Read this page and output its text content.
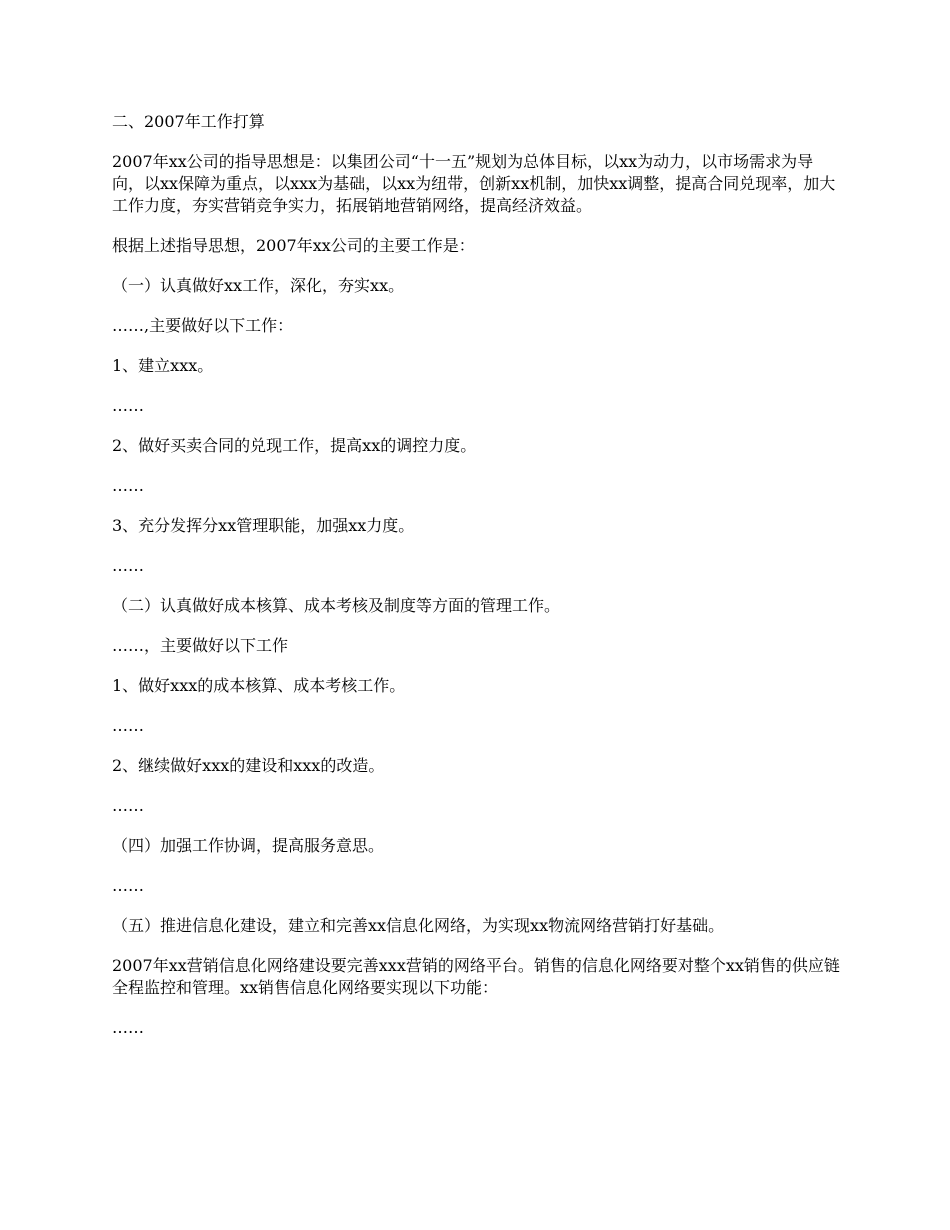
二、2007年工作打算

2007年xx公司的指导思想是：以集团公司“十一五”规划为总体目标，以xx为动力，以市场需求为导向，以xx保障为重点，以xxx为基础，以xx为纽带，创新xx机制，加快xx调整，提高合同兑现率，加大工作力度，夯实营销竞争实力，拓展销地营销网络，提高经济效益。

根据上述指导思想，2007年xx公司的主要工作是：

（一）认真做好xx工作，深化，夯实xx。

……,主要做好以下工作：

1、建立xxx。

……

2、做好买卖合同的兑现工作，提高xx的调控力度。

……

3、充分发挥分xx管理职能，加强xx力度。

……

（二）认真做好成本核算、成本考核及制度等方面的管理工作。

……，主要做好以下工作

1、做好xxx的成本核算、成本考核工作。

……

2、继续做好xxx的建设和xxx的改造。

……

（四）加强工作协调，提高服务意思。

……

（五）推进信息化建设，建立和完善xx信息化网络，为实现xx物流网络营销打好基础。

2007年xx营销信息化网络建设要完善xxx营销的网络平台。销售的信息化网络要对整个xx销售的供应链全程监控和管理。xx销售信息化网络要实现以下功能：

……
